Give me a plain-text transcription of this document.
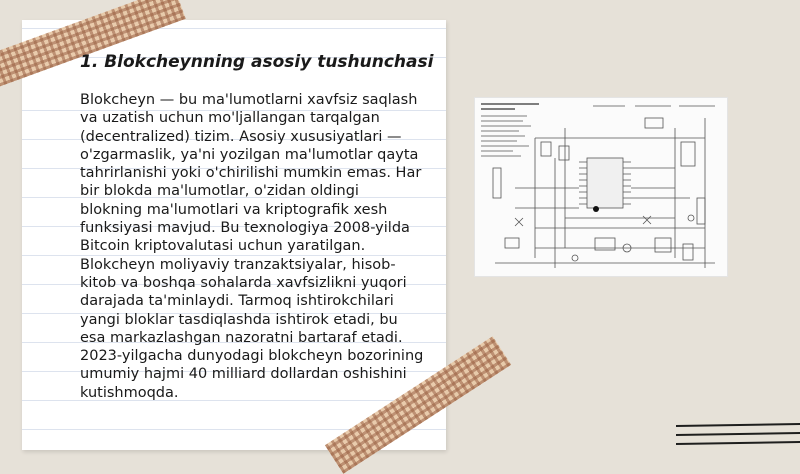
1. Blokcheynning asosiy tushunchasi

Blokcheyn — bu ma'lumotlarni xavfsiz saqlash va uzatish uchun mo'ljallangan tarqalgan (decentralized) tizim. Asosiy xususiyatlari — o'zgarmaslik, ya'ni yozilgan ma'lumotlar qayta tahrirlanishi yoki o'chirilishi mumkin emas. Har bir blokda ma'lumotlar, o'zidan oldingi blokning ma'lumotlari va kriptografik xesh funksiyasi mavjud. Bu texnologiya 2008-yilda Bitcoin kriptovalutasi uchun yaratilgan. Blokcheyn moliyaviy tranzaktsiyalar, hisob-kitob va boshqa sohalarda xavfsizlikni yuqori darajada ta'minlaydi. Tarmoq ishtirokchilari yangi bloklar tasdiqlashda ishtirok etadi, bu esa markazlashgan nazoratni bartaraf etadi. 2023-yilgacha dunyodagi blokcheyn bozorining umumiy hajmi 40 milliard dollardan oshishini kutishmoqda.
